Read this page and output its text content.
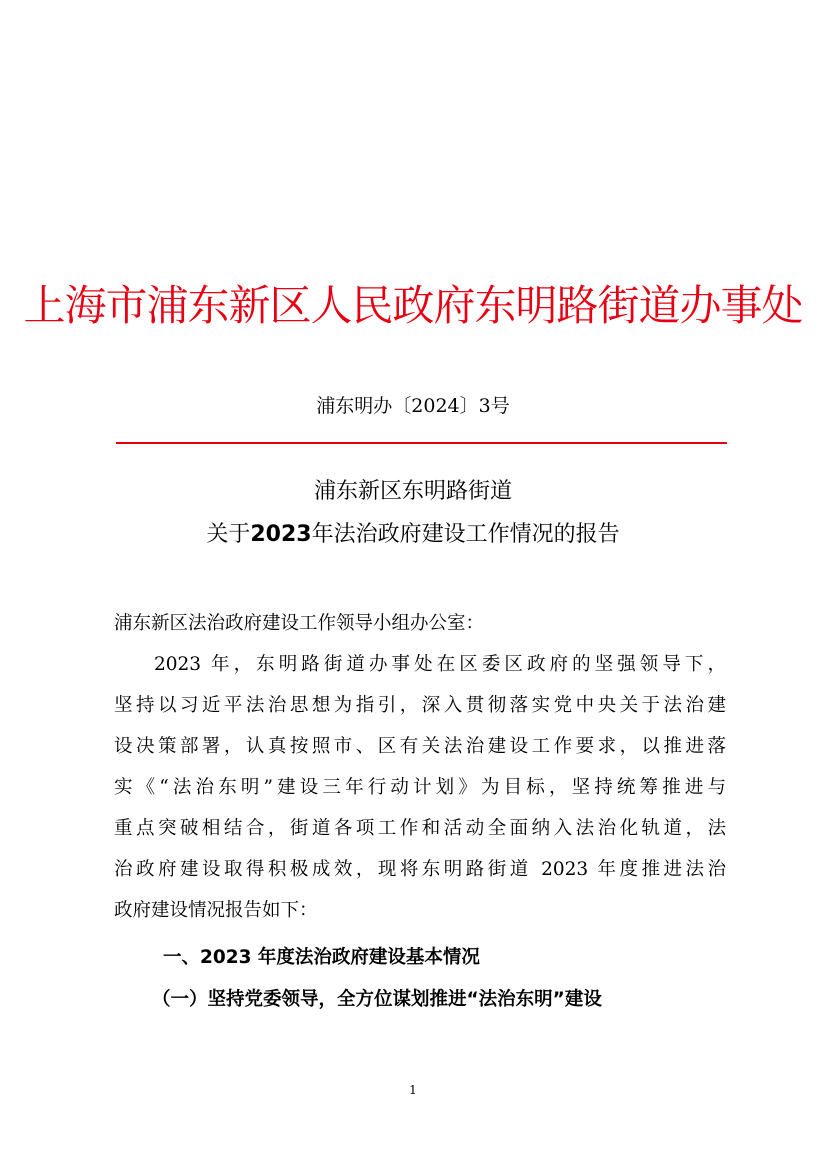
上海市浦东新区人民政府东明路街道办事处
浦东明办〔2024〕3号
浦东新区东明路街道
关于2023年法治政府建设工作情况的报告
浦东新区法治政府建设工作领导小组办公室：
2023 年，东明路街道办事处在区委区政府的坚强领导下，
坚持以习近平法治思想为指引，深入贯彻落实党中央关于法治建
设决策部署，认真按照市、区有关法治建设工作要求，以推进落
实《“法治东明”建设三年行动计划》为目标，坚持统筹推进与
重点突破相结合，街道各项工作和活动全面纳入法治化轨道，法
治政府建设取得积极成效，现将东明路街道 2023 年度推进法治
政府建设情况报告如下：
一、2023 年度法治政府建设基本情况
（一）坚持党委领导，全方位谋划推进“法治东明”建设
1
